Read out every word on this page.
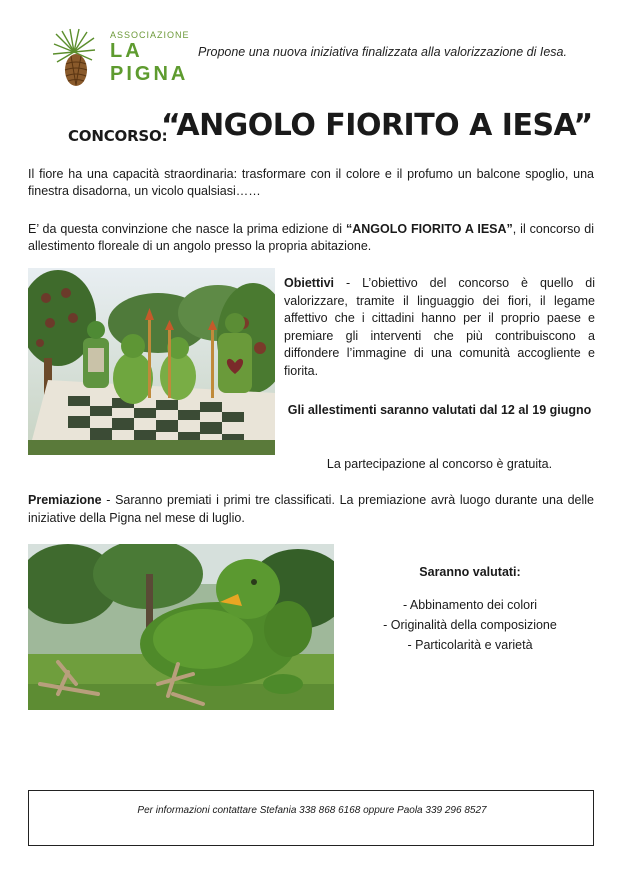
ASSOCIAZIONE
LA
PIGNA
Propone una nuova iniziativa finalizzata alla valorizzazione di Iesa.
CONCORSO:
“ANGOLO FIORITO A IESA”
Il fiore ha una capacità straordinaria: trasformare con il colore e il profumo un balcone spoglio, una finestra disadorna, un vicolo qualsiasi……
E’ da questa convinzione che nasce la prima edizione di “ANGOLO FIORITO A IESA”, il concorso di allestimento floreale di un angolo presso la propria abitazione.
Obiettivi - L’obiettivo del concorso è quello di valorizzare, tramite il linguaggio dei fiori, il legame affettivo che i cittadini hanno per il proprio paese e premiare gli interventi che più contribuiscono a diffondere l’immagine di una comunità accogliente e fiorita.
Gli allestimenti saranno valutati dal 12 al 19 giugno
La partecipazione al concorso è gratuita.
Premiazione - Saranno premiati i primi tre classificati. La premiazione avrà luogo durante una delle iniziative della Pigna nel mese di luglio.
Saranno valutati:
- Abbinamento dei colori
- Originalità della composizione
- Particolarità e varietà
Per informazioni contattare Stefania 338 868 6168 oppure Paola 339 296 8527
